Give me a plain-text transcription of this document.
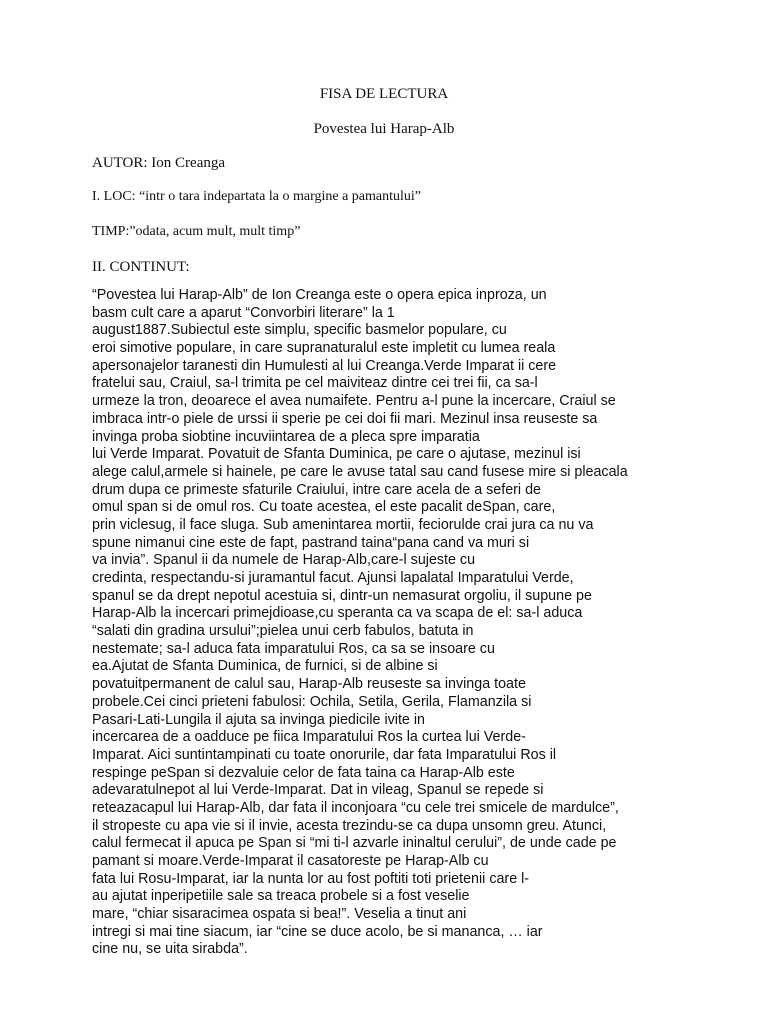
FISA DE LECTURA
Povestea lui Harap-Alb
AUTOR: Ion Creanga
I. LOC: “intr o tara indepartata la o margine a pamantului”
TIMP:”odata, acum mult, mult timp”
II. CONTINUT:
“Povestea lui Harap-Alb” de Ion Creanga este o opera epica inproza, un
basm cult care a aparut “Convorbiri literare” la 1
august1887.Subiectul este simplu, specific basmelor populare, cu
eroi simotive populare, in care supranaturalul este impletit cu lumea reala
apersonajelor taranesti din Humulesti al lui Creanga.Verde Imparat ii cere
fratelui sau, Craiul, sa-l trimita pe cel maiviteaz dintre cei trei fii, ca sa-l
urmeze la tron, deoarece el avea numaifete. Pentru a-l pune la incercare, Craiul se
imbraca intr-o piele de urssi ii sperie pe cei doi fii mari. Mezinul insa reuseste sa
invinga proba siobtine incuviintarea de a pleca spre imparatia
lui Verde Imparat. Povatuit de Sfanta Duminica, pe care o ajutase, mezinul isi
alege calul,armele si hainele, pe care le avuse tatal sau cand fusese mire si pleacala
drum dupa ce primeste sfaturile Craiului, intre care acela de a seferi de
omul span si de omul ros. Cu toate acestea, el este pacalit deSpan, care,
prin viclesug, il face sluga. Sub amenintarea mortii, feciorulde crai jura ca nu va
spune nimanui cine este de fapt, pastrand taina“pana cand va muri si
va invia”. Spanul ii da numele de Harap-Alb,care-l sujeste cu
credinta, respectandu-si juramantul facut. Ajunsi lapalatal Imparatului Verde,
spanul se da drept nepotul acestuia si, dintr-un nemasurat orgoliu, il supune pe
Harap-Alb la incercari primejdioase,cu speranta ca va scapa de el: sa-l aduca
“salati din gradina ursului”;pielea unui cerb fabulos, batuta in
nestemate; sa-l aduca fata imparatului Ros, ca sa se insoare cu
ea.Ajutat de Sfanta Duminica, de furnici, si de albine si
povatuitpermanent de calul sau, Harap-Alb reuseste sa invinga toate
probele.Cei cinci prieteni fabulosi: Ochila, Setila, Gerila, Flamanzila si
Pasari-Lati-Lungila il ajuta sa invinga piedicile ivite in
incercarea de a oadduce pe fiica Imparatului Ros la curtea lui Verde-
Imparat. Aici suntintampinati cu toate onorurile, dar fata Imparatului Ros il
respinge peSpan si dezvaluie celor de fata taina ca Harap-Alb este
adevaratulnepot al lui Verde-Imparat. Dat in vileag, Spanul se repede si
reteazacapul lui Harap-Alb, dar fata il inconjoara “cu cele trei smicele de mardulce”,
il stropeste cu apa vie si il invie, acesta trezindu-se ca dupa unsomn greu. Atunci,
calul fermecat il apuca pe Span si “mi ti-l azvarle ininaltul cerului”, de unde cade pe
pamant si moare.Verde-Imparat il casatoreste pe Harap-Alb cu
fata lui Rosu-Imparat, iar la nunta lor au fost poftiti toti prietenii care l-
au ajutat inperipetiile sale sa treaca probele si a fost veselie
mare, “chiar sisaracimea ospata si bea!”. Veselia a tinut ani
intregi si mai tine siacum, iar “cine se duce acolo, be si mananca, … iar
cine nu, se uita sirabda”.
